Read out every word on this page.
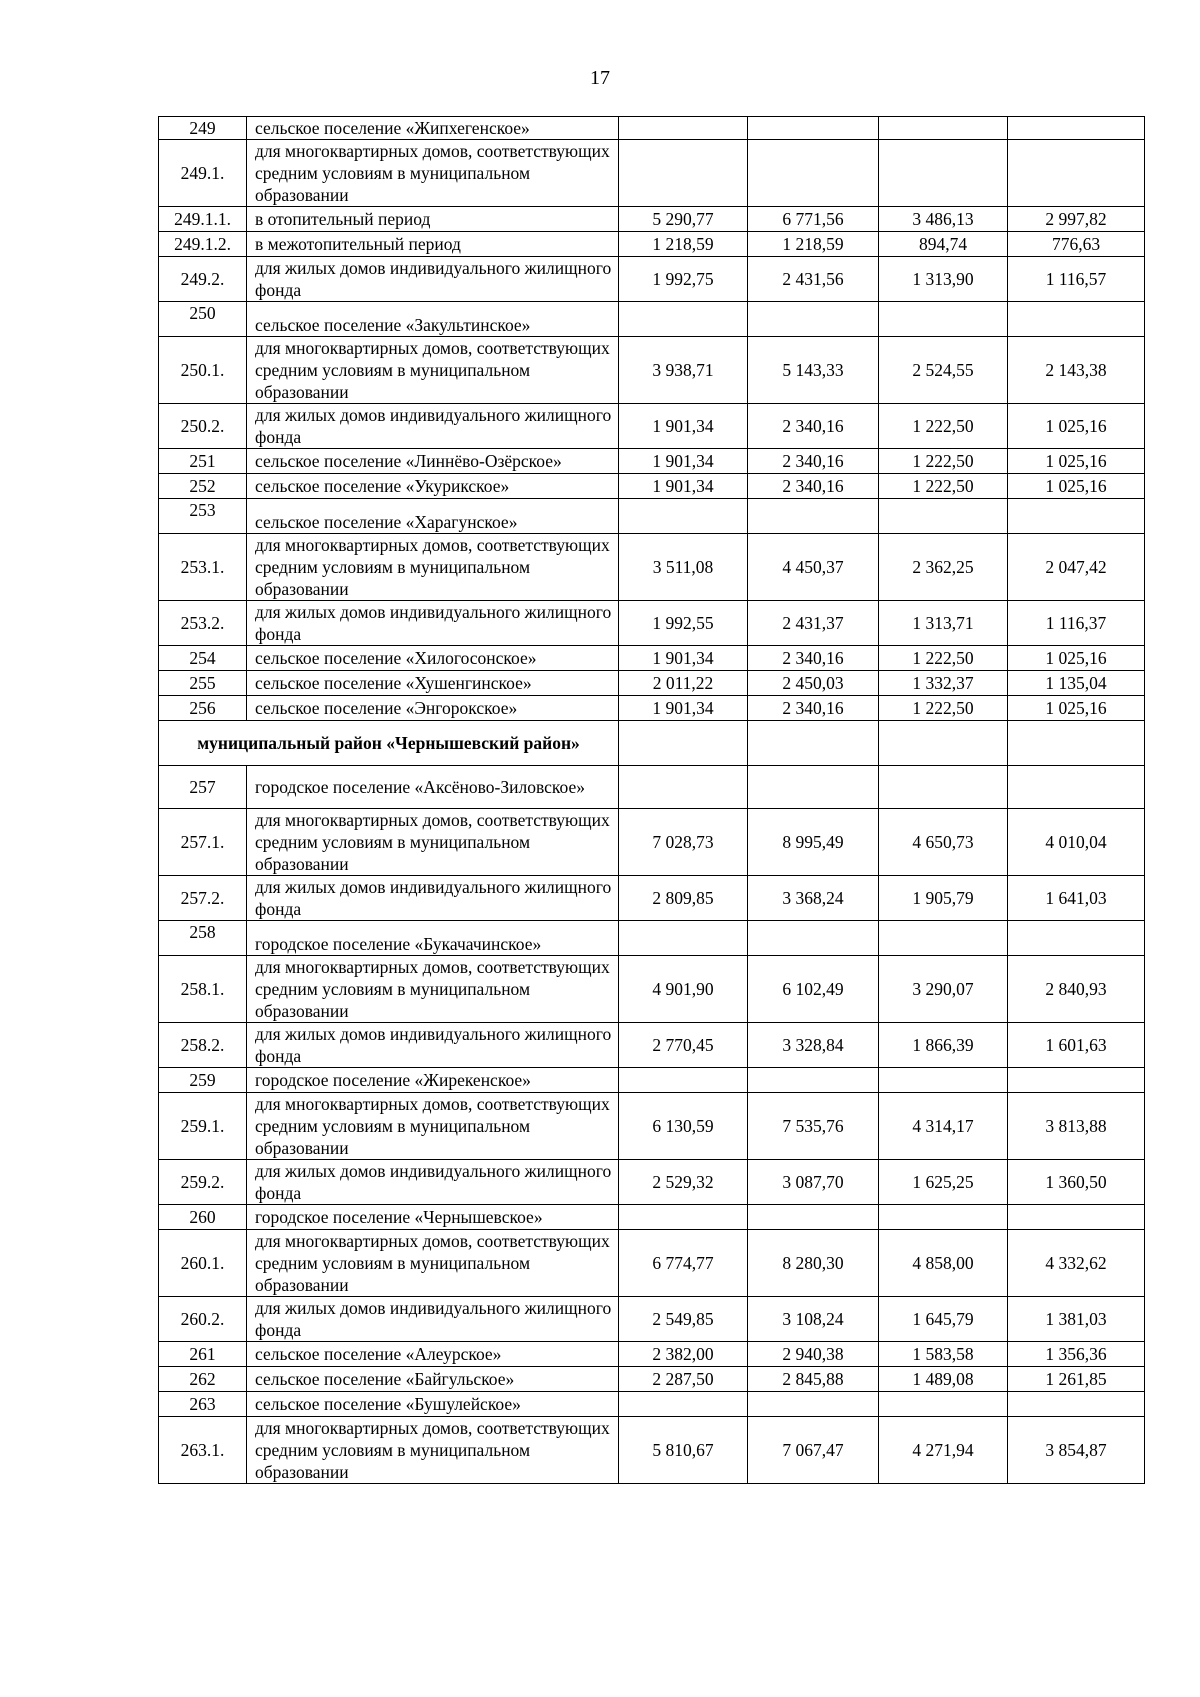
17
249	сельское поселение «Жипхегенское»				
249.1.	для многоквартирных домов, соответствующих средним условиям в муниципальном образовании				
249.1.1.	в отопительный период	5 290,77	6 771,56	3 486,13	2 997,82
249.1.2.	в межотопительный период	1 218,59	1 218,59	894,74	776,63
249.2.	для жилых домов индивидуального жилищного фонда	1 992,75	2 431,56	1 313,90	1 116,57
250	сельское поселение «Закультинское»				
250.1.	для многоквартирных домов, соответствующих средним условиям в муниципальном образовании	3 938,71	5 143,33	2 524,55	2 143,38
250.2.	для жилых домов индивидуального жилищного фонда	1 901,34	2 340,16	1 222,50	1 025,16
251	сельское поселение «Линнёво-Озёрское»	1 901,34	2 340,16	1 222,50	1 025,16
252	сельское поселение «Укурикское»	1 901,34	2 340,16	1 222,50	1 025,16
253	сельское поселение «Харагунское»				
253.1.	для многоквартирных домов, соответствующих средним условиям в муниципальном образовании	3 511,08	4 450,37	2 362,25	2 047,42
253.2.	для жилых домов индивидуального жилищного фонда	1 992,55	2 431,37	1 313,71	1 116,37
254	сельское поселение «Хилогосонское»	1 901,34	2 340,16	1 222,50	1 025,16
255	сельское поселение «Хушенгинское»	2 011,22	2 450,03	1 332,37	1 135,04
256	сельское поселение «Энгорокское»	1 901,34	2 340,16	1 222,50	1 025,16
муниципальный район «Чернышевский район»					
257	городское поселение «Аксёново-Зиловское»				
257.1.	для многоквартирных домов, соответствующих средним условиям в муниципальном образовании	7 028,73	8 995,49	4 650,73	4 010,04
257.2.	для жилых домов индивидуального жилищного фонда	2 809,85	3 368,24	1 905,79	1 641,03
258	городское поселение «Букачачинское»				
258.1.	для многоквартирных домов, соответствующих средним условиям в муниципальном образовании	4 901,90	6 102,49	3 290,07	2 840,93
258.2.	для жилых домов индивидуального жилищного фонда	2 770,45	3 328,84	1 866,39	1 601,63
259	городское поселение «Жирекенское»				
259.1.	для многоквартирных домов, соответствующих средним условиям в муниципальном образовании	6 130,59	7 535,76	4 314,17	3 813,88
259.2.	для жилых домов индивидуального жилищного фонда	2 529,32	3 087,70	1 625,25	1 360,50
260	городское поселение «Чернышевское»				
260.1.	для многоквартирных домов, соответствующих средним условиям в муниципальном образовании	6 774,77	8 280,30	4 858,00	4 332,62
260.2.	для жилых домов индивидуального жилищного фонда	2 549,85	3 108,24	1 645,79	1 381,03
261	сельское поселение «Алеурское»	2 382,00	2 940,38	1 583,58	1 356,36
262	сельское поселение «Байгульское»	2 287,50	2 845,88	1 489,08	1 261,85
263	сельское поселение «Бушулейское»				
263.1.	для многоквартирных домов, соответствующих средним условиям в муниципальном образовании	5 810,67	7 067,47	4 271,94	3 854,87
